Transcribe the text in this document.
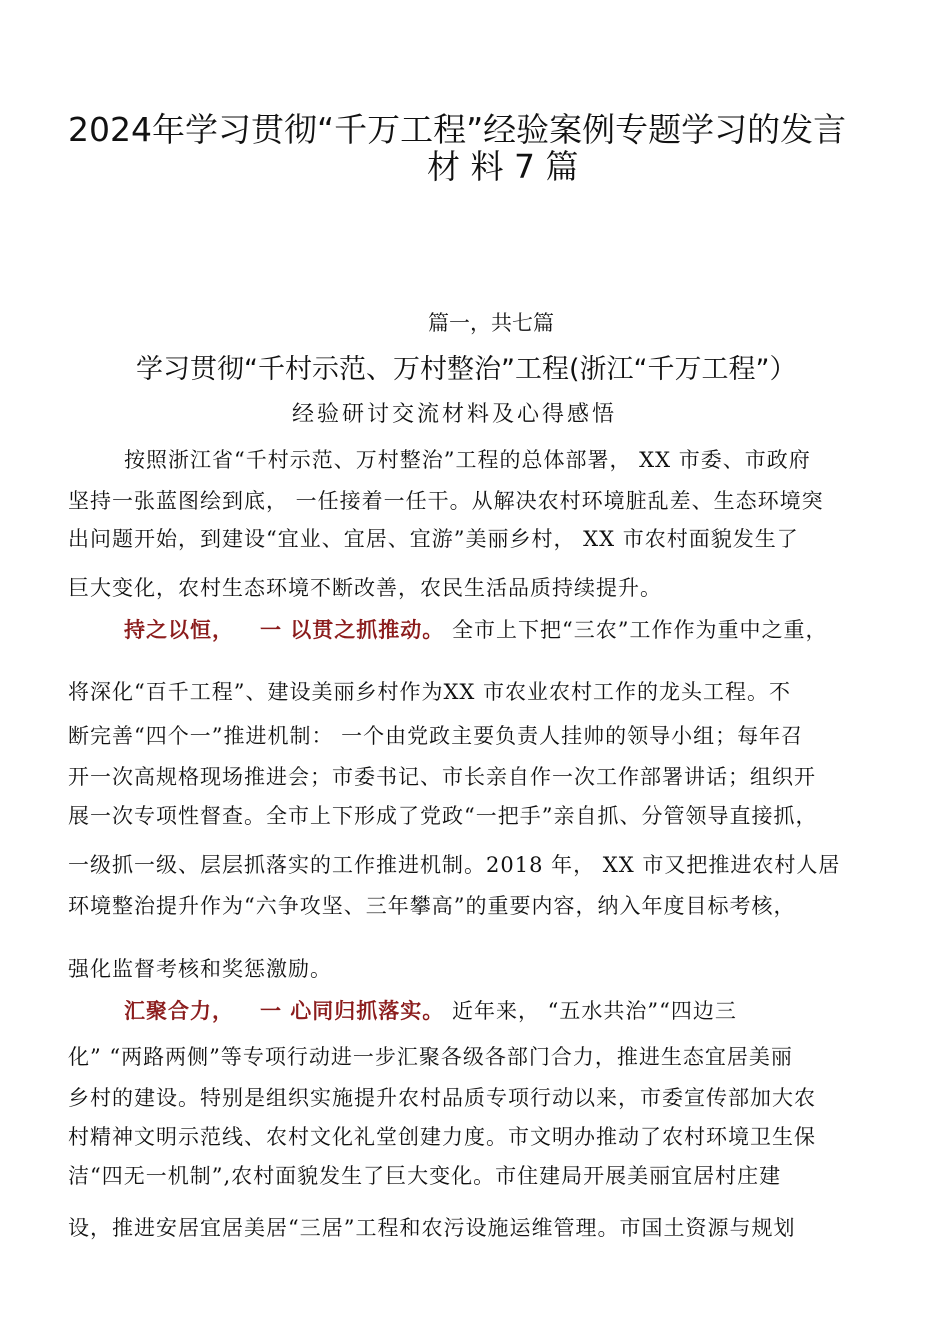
2024年学习贯彻“千万工程”经验案例专题学习的发言
材 料 7 篇
篇一，共七篇
学习贯彻“千村示范、万村整治”工程(浙江“千万工程”）
经验研讨交流材料及心得感悟
按照浙江省“千村示范、万村整治”工程的总体部署， XX 市委、市政府
坚持一张蓝图绘到底， 一任接着一任干。从解决农村环境脏乱差、生态环境突
出问题开始，到建设“宜业、宜居、宜游”美丽乡村， XX 市农村面貌发生了
巨大变化，农村生态环境不断改善，农民生活品质持续提升。
持之以恒， 一 以贯之抓推动。 全市上下把“三农”工作作为重中之重，
将深化“百千工程”、建设美丽乡村作为XX 市农业农村工作的龙头工程。不
断完善“四个一”推进机制： 一个由党政主要负责人挂帅的领导小组；每年召
开一次高规格现场推进会；市委书记、市长亲自作一次工作部署讲话；组织开
展一次专项性督查。全市上下形成了党政“一把手”亲自抓、分管领导直接抓，
一级抓一级、层层抓落实的工作推进机制。2018 年， XX 市又把推进农村人居
环境整治提升作为“六争攻坚、三年攀高”的重要内容，纳入年度目标考核，
强化监督考核和奖惩激励。
汇聚合力， 一 心同归抓落实。 近年来， “五水共治”“四边三
化” “两路两侧”等专项行动进一步汇聚各级各部门合力，推进生态宜居美丽
乡村的建设。特别是组织实施提升农村品质专项行动以来，市委宣传部加大农
村精神文明示范线、农村文化礼堂创建力度。市文明办推动了农村环境卫生保
洁“四无一机制”,农村面貌发生了巨大变化。市住建局开展美丽宜居村庄建
设，推进安居宜居美居“三居”工程和农污设施运维管理。市国土资源与规划
